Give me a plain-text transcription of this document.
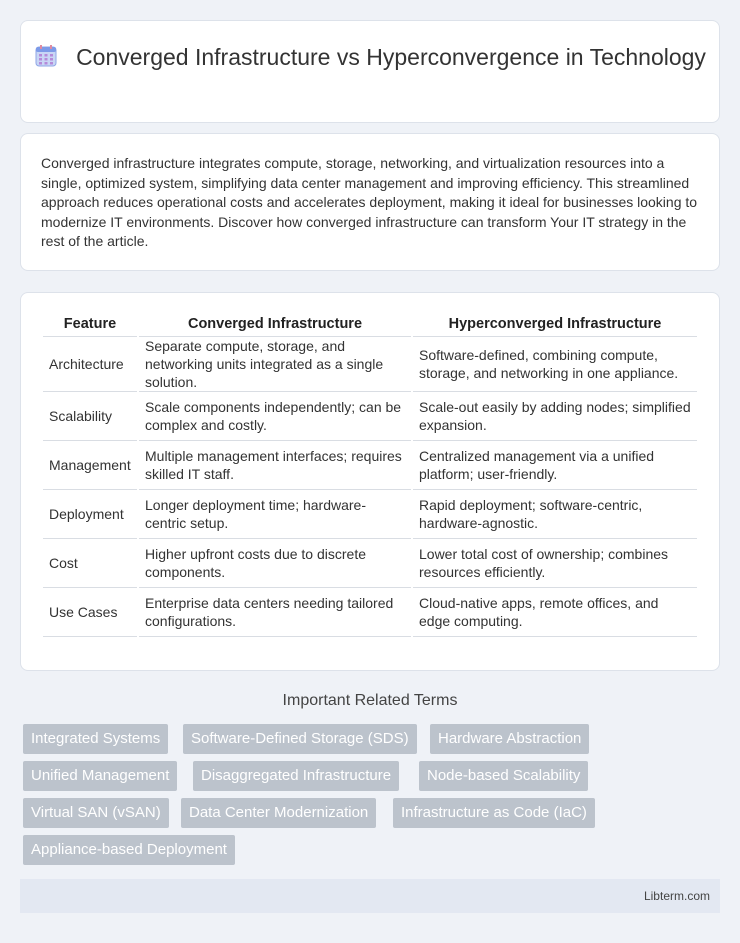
Converged Infrastructure vs Hyperconvergence in Technology

Converged infrastructure integrates compute, storage, networking, and virtualization resources into a single, optimized system, simplifying data center management and improving efficiency. This streamlined approach reduces operational costs and accelerates deployment, making it ideal for businesses looking to modernize IT environments. Discover how converged infrastructure can transform Your IT strategy in the rest of the article.

Feature	Converged Infrastructure	Hyperconverged Infrastructure
Architecture	Separate compute, storage, and networking units integrated as a single solution.	Software-defined, combining compute, storage, and networking in one appliance.
Scalability	Scale components independently; can be complex and costly.	Scale-out easily by adding nodes; simplified expansion.
Management	Multiple management interfaces; requires skilled IT staff.	Centralized management via a unified platform; user-friendly.
Deployment	Longer deployment time; hardware-centric setup.	Rapid deployment; software-centric, hardware-agnostic.
Cost	Higher upfront costs due to discrete components.	Lower total cost of ownership; combines resources efficiently.
Use Cases	Enterprise data centers needing tailored configurations.	Cloud-native apps, remote offices, and edge computing.
Important Related Terms
Integrated Systems	Software-Defined Storage (SDS)	Hardware Abstraction
Unified Management	Disaggregated Infrastructure	Node-based Scalability
Virtual SAN (vSAN)	Data Center Modernization	Infrastructure as Code (IaC)
Appliance-based Deployment
Libterm.com
